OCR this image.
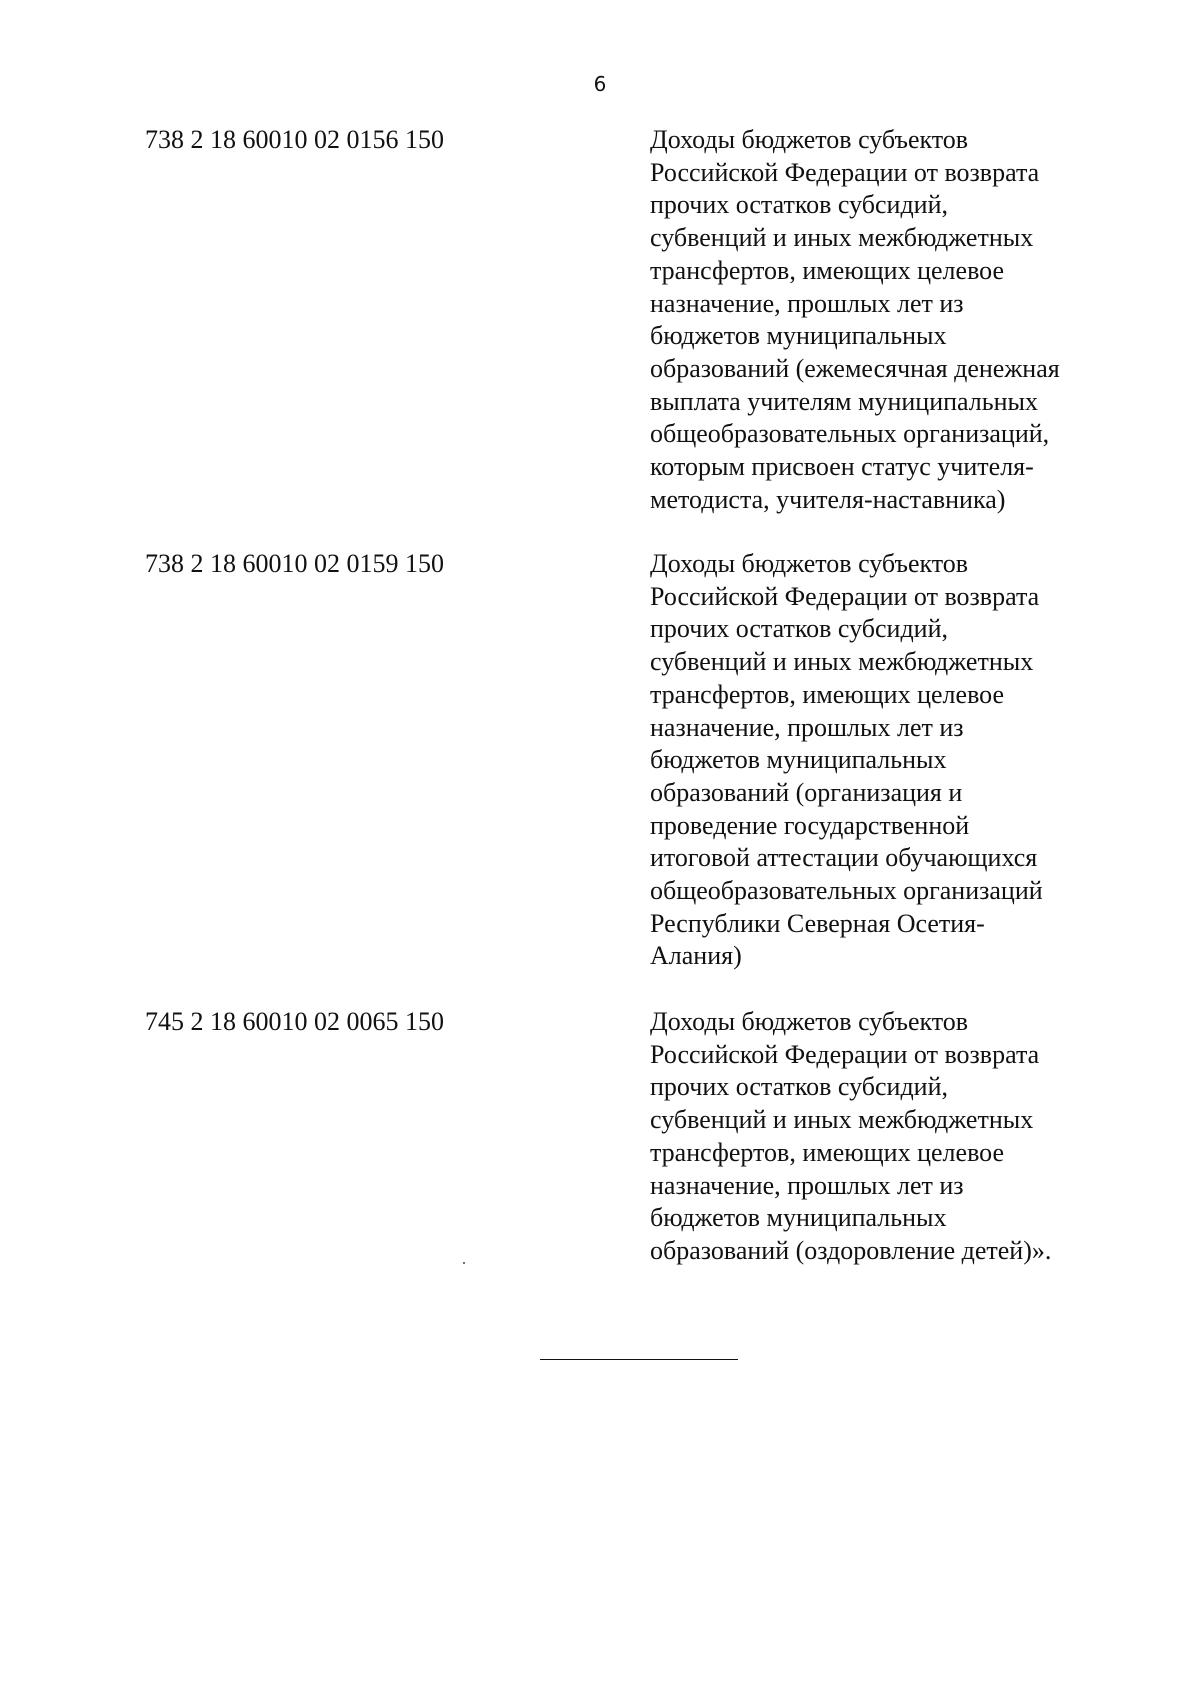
6
738 2 18 60010 02 0156 150	Доходы бюджетов субъектов
Российской Федерации от возврата
прочих остатков субсидий,
субвенций и иных межбюджетных
трансфертов, имеющих целевое
назначение, прошлых лет из
бюджетов муниципальных
образований (ежемесячная денежная
выплата учителям муниципальных
общеобразовательных организаций,
которым присвоен статус учителя-
методиста, учителя-наставника)
738 2 18 60010 02 0159 150	Доходы бюджетов субъектов
Российской Федерации от возврата
прочих остатков субсидий,
субвенций и иных межбюджетных
трансфертов, имеющих целевое
назначение, прошлых лет из
бюджетов муниципальных
образований (организация и
проведение государственной
итоговой аттестации обучающихся
общеобразовательных организаций
Республики Северная Осетия-
Алания)
745 2 18 60010 02 0065 150	Доходы бюджетов субъектов
Российской Федерации от возврата
прочих остатков субсидий,
субвенций и иных межбюджетных
трансфертов, имеющих целевое
назначение, прошлых лет из
бюджетов муниципальных
образований (оздоровление детей)».
